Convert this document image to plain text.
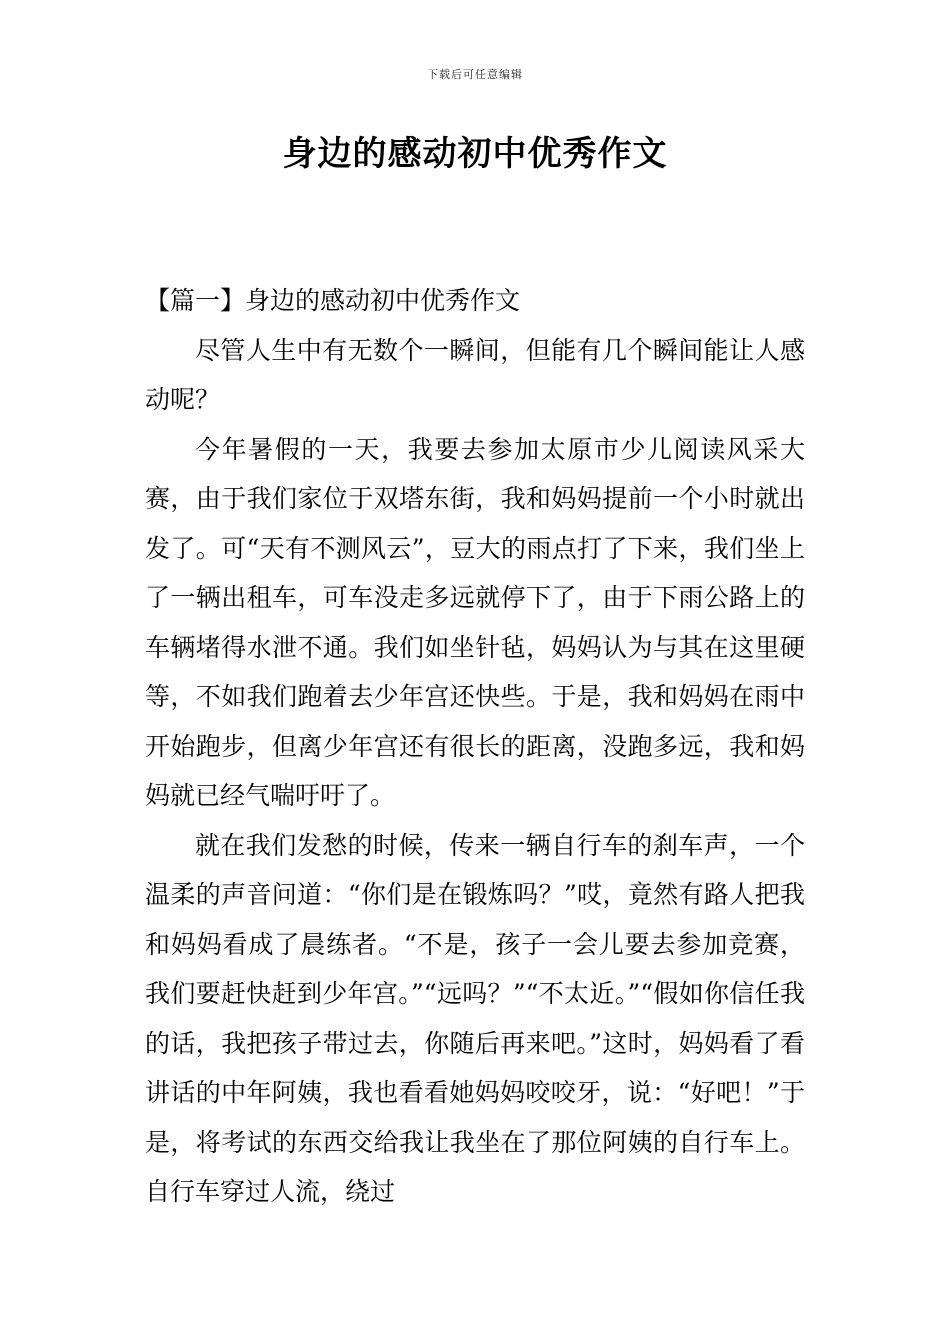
下载后可任意编辑
身边的感动初中优秀作文

【篇一】身边的感动初中优秀作文

尽管人生中有无数个一瞬间，但能有几个瞬间能让人感动呢？

今年暑假的一天，我要去参加太原市少儿阅读风采大赛，由于我们家位于双塔东街，我和妈妈提前一个小时就出发了。可“天有不测风云”，豆大的雨点打了下来，我们坐上了一辆出租车，可车没走多远就停下了，由于下雨公路上的车辆堵得水泄不通。我们如坐针毡，妈妈认为与其在这里硬等，不如我们跑着去少年宫还快些。于是，我和妈妈在雨中开始跑步，但离少年宫还有很长的距离，没跑多远，我和妈妈就已经气喘吁吁了。

就在我们发愁的时候，传来一辆自行车的刹车声，一个温柔的声音问道：“你们是在锻炼吗？”哎，竟然有路人把我和妈妈看成了晨练者。“不是，孩子一会儿要去参加竞赛，我们要赶快赶到少年宫。”“远吗？”“不太近。”“假如你信任我的话，我把孩子带过去，你随后再来吧。”这时，妈妈看了看讲话的中年阿姨，我也看看她妈妈咬咬牙，说：“好吧！”于是，将考试的东西交给我让我坐在了那位阿姨的自行车上。自行车穿过人流，绕过
